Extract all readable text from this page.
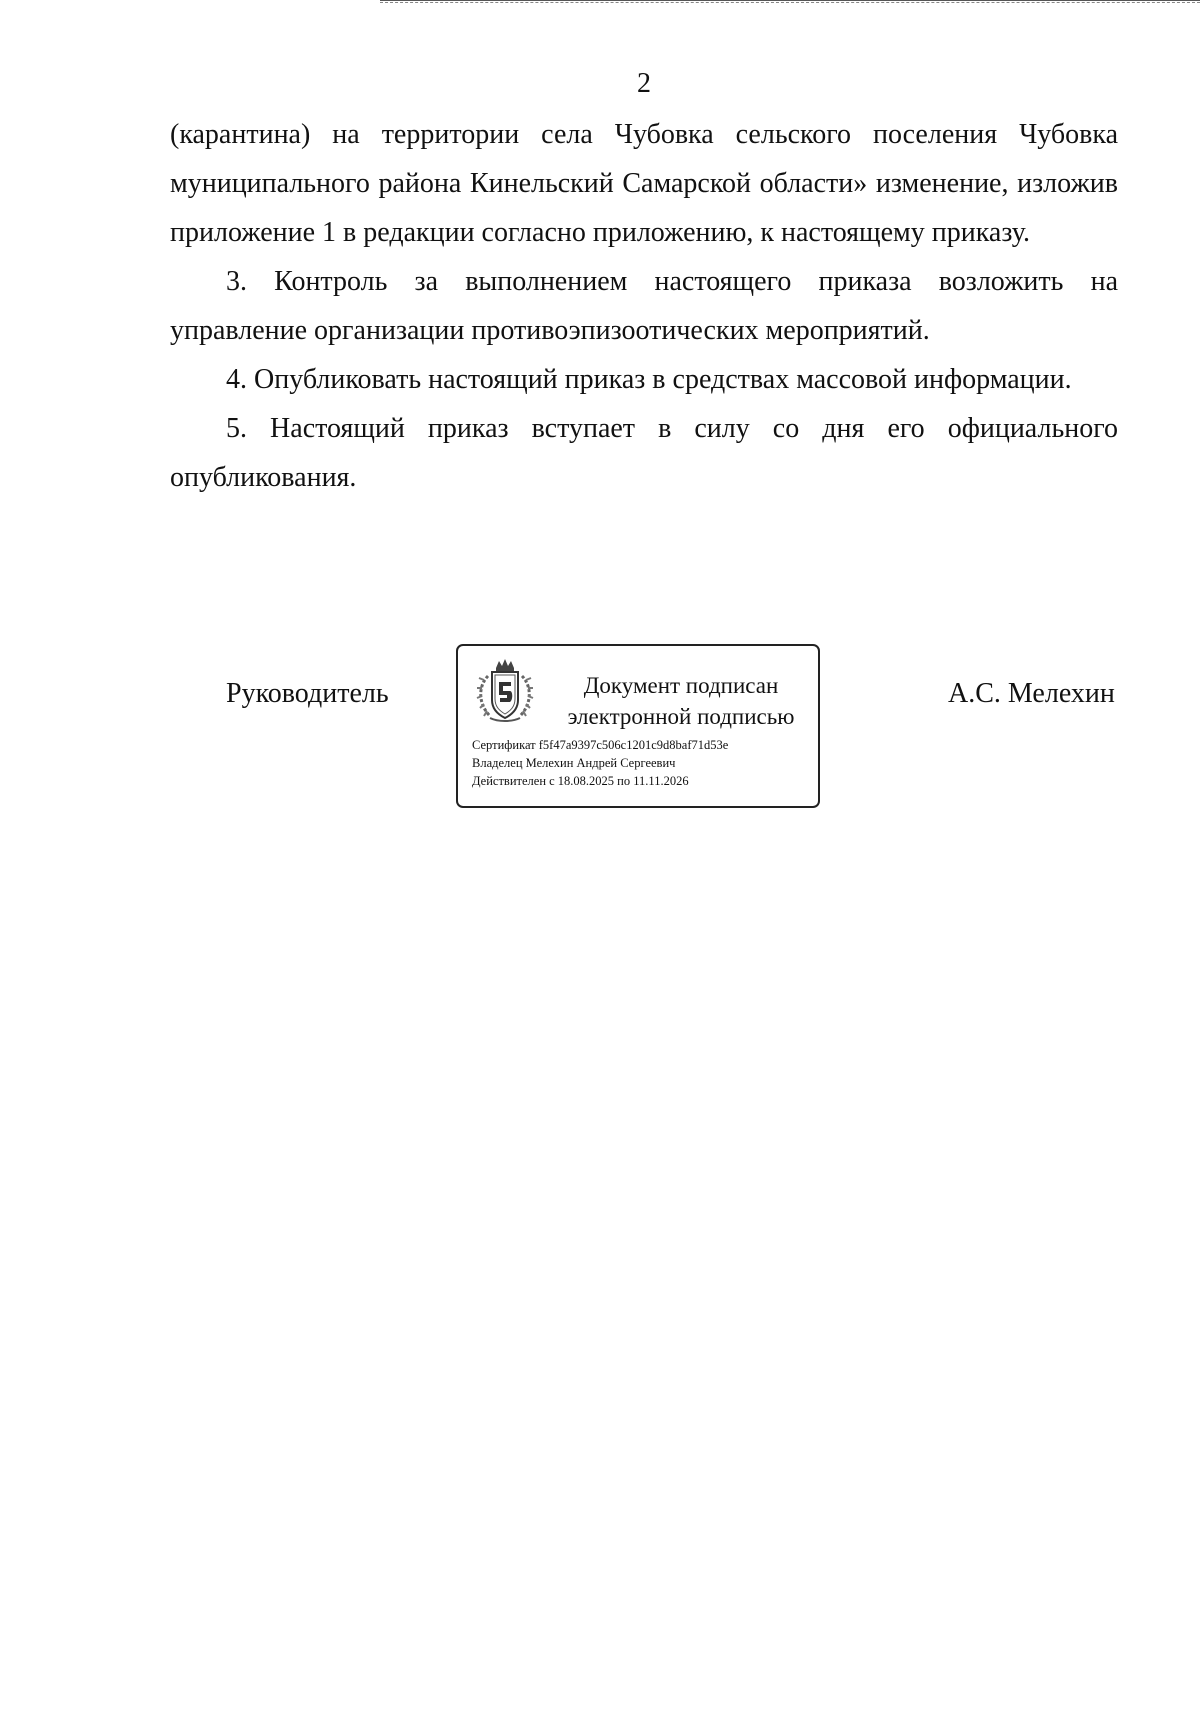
2

(карантина) на территории села Чубовка сельского поселения Чубовка муниципального района Кинельский Самарской области» изменение, изложив приложение 1 в редакции согласно приложению, к настоящему приказу.

3. Контроль за выполнением настоящего приказа возложить на управление организации противоэпизоотических мероприятий.

4. Опубликовать настоящий приказ в средствах массовой информации.

5. Настоящий приказ вступает в силу со дня его официального опубликования.

Руководитель	Документ подписан
электронной подписью
Сертификат f5f47a9397c506c1201c9d8baf71d53e
Владелец Мелехин Андрей Сергеевич
Действителен с 18.08.2025 по 11.11.2026
А.С. Мелехин
